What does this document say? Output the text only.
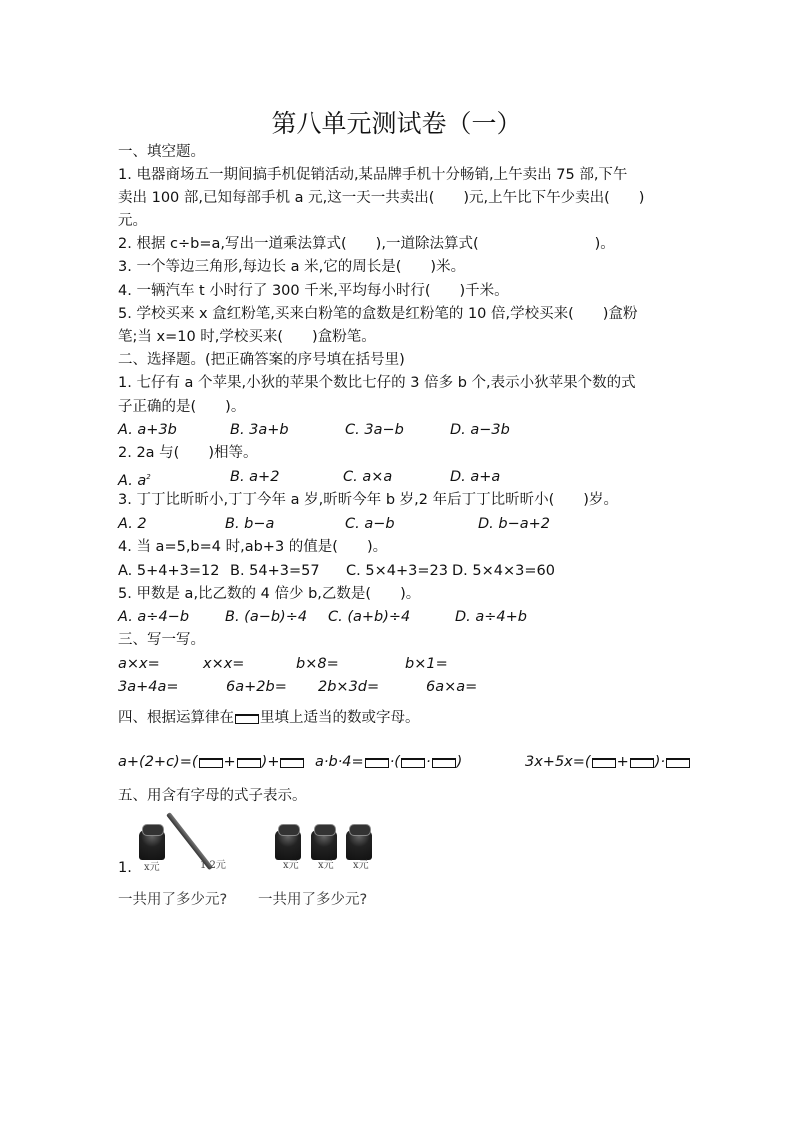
第八单元测试卷（一）
一、填空题。
1. 电器商场五一期间搞手机促销活动,某品牌手机十分畅销,上午卖出 75 部,下午
卖出 100 部,已知每部手机 a 元,这一天一共卖出(　　)元,上午比下午少卖出(　　)
元。
2. 根据 c÷b=a,写出一道乘法算式(　　),一道除法算式(　　　　　　　　)。
3. 一个等边三角形,每边长 a 米,它的周长是(　　)米。
4. 一辆汽车 t 小时行了 300 千米,平均每小时行(　　)千米。
5. 学校买来 x 盒红粉笔,买来白粉笔的盒数是红粉笔的 10 倍,学校买来(　　)盒粉
笔;当 x=10 时,学校买来(　　)盒粉笔。
二、选择题。(把正确答案的序号填在括号里)
1. 七仔有 a 个苹果,小狄的苹果个数比七仔的 3 倍多 b 个,表示小狄苹果个数的式
子正确的是(　　)。
A. a+3b	B. 3a+b	C. 3a−b	D. a−3b
2. 2a 与(　　)相等。
A. $a^2$	B. a+2	C. a×a	D. a+a
3. 丁丁比昕昕小,丁丁今年 a 岁,昕昕今年 b 岁,2 年后丁丁比昕昕小(　　)岁。
A. 2	B. b−a	C. a−b	D. b−a+2
4. 当 a=5,b=4 时,ab+3 的值是(　　)。
A. 5+4+3=12 B. 54+3=57 C. 5×4+3=23 D. 5×4×3=60
5. 甲数是 a,比乙数的 4 倍少 b,乙数是(　　)。
A. a÷4−b B. (a−b)÷4 C. (a+b)÷4	D. a÷4+b
三、写一写。
a×x=	x×x=	b×8=	b×1=
3a+4a=	6a+2b= 2b×3d=	6a×a=
四、根据运算律在 里填上适当的数或字母。
a+(2+c)=( + )+	a·b·4= ·( · )	3x+5x=( + )·
五、用含有字母的式子表示。
1. x元	1.2元	x元 x元 x元
一共用了多少元? 一共用了多少元?
